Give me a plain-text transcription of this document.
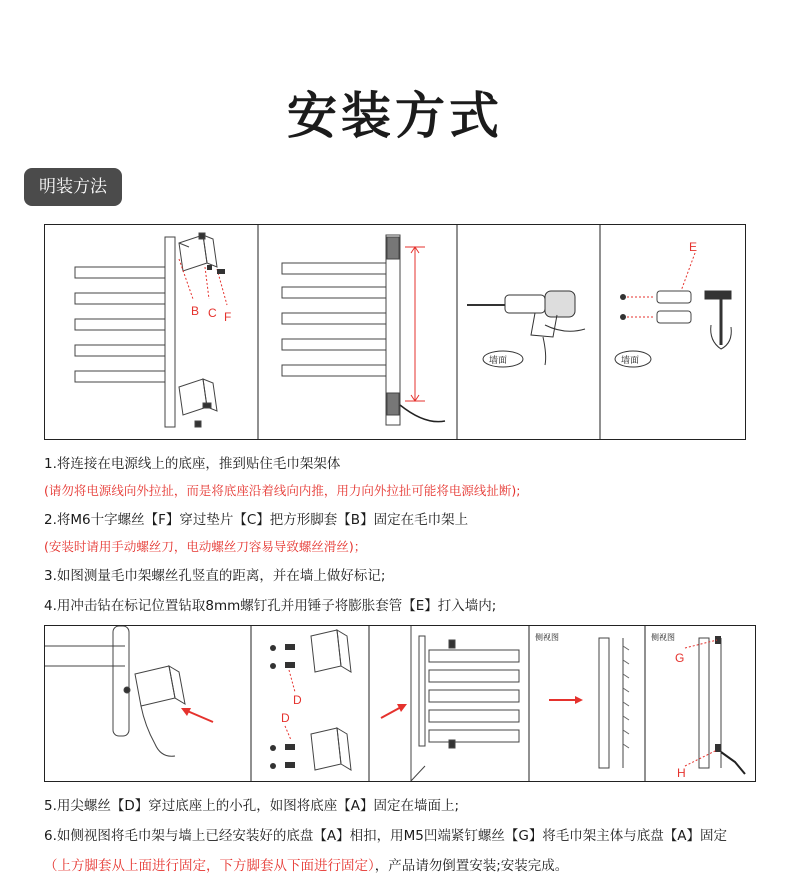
安装方式
明装方法
B C F
墙面
E
墙面
1.将连接在电源线上的底座，推到贴住毛巾架架体
(请勿将电源线向外拉扯，而是将底座沿着线向内推，用力向外拉扯可能将电源线扯断);
2.将M6十字螺丝【F】穿过垫片【C】把方形脚套【B】固定在毛巾架上
(安装时请用手动螺丝刀，电动螺丝刀容易导致螺丝滑丝)；
3.如图测量毛巾架螺丝孔竖直的距离，并在墙上做好标记;
4.用冲击钻在标记位置钻取8mm螺钉孔并用锤子将膨胀套管【E】打入墙内;
D
D
侧视图	侧视图
G
H
5.用尖螺丝【D】穿过底座上的小孔，如图将底座【A】固定在墙面上;
6.如侧视图将毛巾架与墙上已经安装好的底盘【A】相扣，用M5凹端紧钉螺丝【G】将毛巾架主体与底盘【A】固定
（上方脚套从上面进行固定，下方脚套从下面进行固定），产品请勿倒置安装;安装完成。
